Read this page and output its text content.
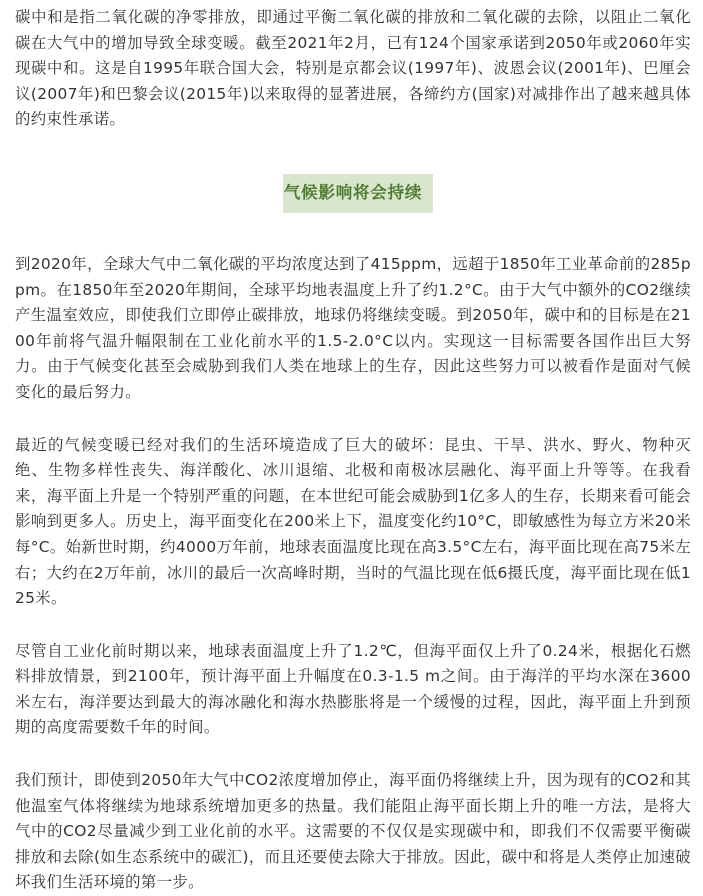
碳中和是指二氧化碳的净零排放，即通过平衡二氧化碳的排放和二氧化碳的去除，以阻止二氧化碳在大气中的增加导致全球变暖。截至2021年2月，已有124个国家承诺到2050年或2060年实现碳中和。这是自1995年联合国大会，特别是京都会议(1997年)、波恩会议(2001年)、巴厘会议(2007年)和巴黎会议(2015年)以来取得的显著进展，各缔约方(国家)对减排作出了越来越具体的约束性承诺。

气候影响将会持续

到2020年，全球大气中二氧化碳的平均浓度达到了415ppm，远超于1850年工业革命前的285ppm。在1850年至2020年期间，全球平均地表温度上升了约1.2°C。由于大气中额外的CO2继续产生温室效应，即使我们立即停止碳排放，地球仍将继续变暖。到2050年，碳中和的目标是在2100年前将气温升幅限制在工业化前水平的1.5-2.0°C以内。实现这一目标需要各国作出巨大努力。由于气候变化甚至会威胁到我们人类在地球上的生存，因此这些努力可以被看作是面对气候变化的最后努力。

最近的气候变暖已经对我们的生活环境造成了巨大的破坏：昆虫、干旱、洪水、野火、物种灭绝、生物多样性丧失、海洋酸化、冰川退缩、北极和南极冰层融化、海平面上升等等。在我看来，海平面上升是一个特别严重的问题，在本世纪可能会威胁到1亿多人的生存，长期来看可能会影响到更多人。历史上，海平面变化在200米上下，温度变化约10°C，即敏感性为每立方米20米每°C。始新世时期，约4000万年前，地球表面温度比现在高3.5°C左右，海平面比现在高75米左右；大约在2万年前，冰川的最后一次高峰时期，当时的气温比现在低6摄氏度，海平面比现在低125米。

尽管自工业化前时期以来，地球表面温度上升了1.2℃，但海平面仅上升了0.24米，根据化石燃料排放情景，到2100年，预计海平面上升幅度在0.3-1.5 m之间。由于海洋的平均水深在3600米左右，海洋要达到最大的海冰融化和海水热膨胀将是一个缓慢的过程，因此，海平面上升到预期的高度需要数千年的时间。

我们预计，即使到2050年大气中CO2浓度增加停止，海平面仍将继续上升，因为现有的CO2和其他温室气体将继续为地球系统增加更多的热量。我们能阻止海平面长期上升的唯一方法，是将大气中的CO2尽量减少到工业化前的水平。这需要的不仅仅是实现碳中和，即我们不仅需要平衡碳排放和去除(如生态系统中的碳汇)，而且还要使去除大于排放。因此，碳中和将是人类停止加速破坏我们生活环境的第一步。
